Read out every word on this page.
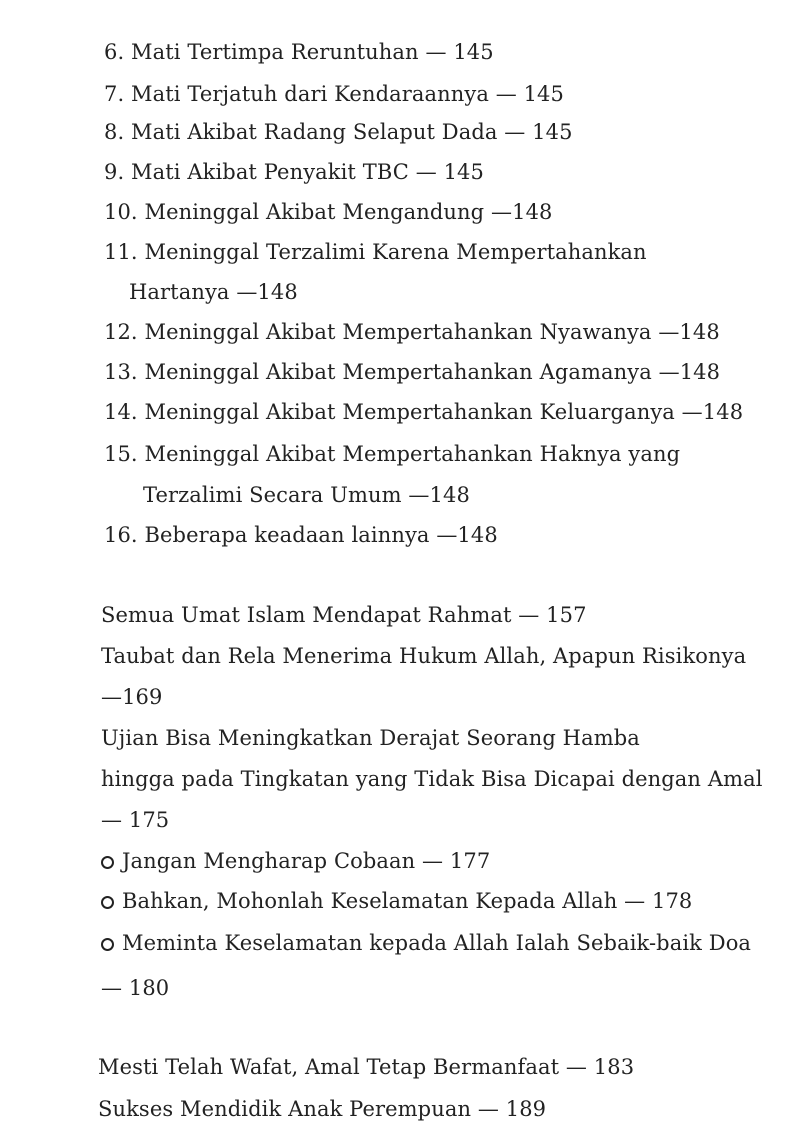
6. Mati Tertimpa Reruntuhan — 145
7. Mati Terjatuh dari Kendaraannya — 145
8. Mati Akibat Radang Selaput Dada — 145
9. Mati Akibat Penyakit TBC — 145
10. Meninggal Akibat Mengandung —148
11. Meninggal Terzalimi Karena Mempertahankan
Hartanya —148
12. Meninggal Akibat Mempertahankan Nyawanya —148
13. Meninggal Akibat Mempertahankan Agamanya —148
14. Meninggal Akibat Mempertahankan Keluarganya —148
15. Meninggal Akibat Mempertahankan Haknya yang
Terzalimi Secara Umum —148
16. Beberapa keadaan lainnya —148
Semua Umat Islam Mendapat Rahmat — 157
Taubat dan Rela Menerima Hukum Allah, Apapun Risikonya
—169
Ujian Bisa Meningkatkan Derajat Seorang Hamba
hingga pada Tingkatan yang Tidak Bisa Dicapai dengan Amal
— 175
Jangan Mengharap Cobaan — 177
Bahkan, Mohonlah Keselamatan Kepada Allah — 178
Meminta Keselamatan kepada Allah Ialah Sebaik-baik Doa
— 180
Mesti Telah Wafat, Amal Tetap Bermanfaat — 183
Sukses Mendidik Anak Perempuan — 189
